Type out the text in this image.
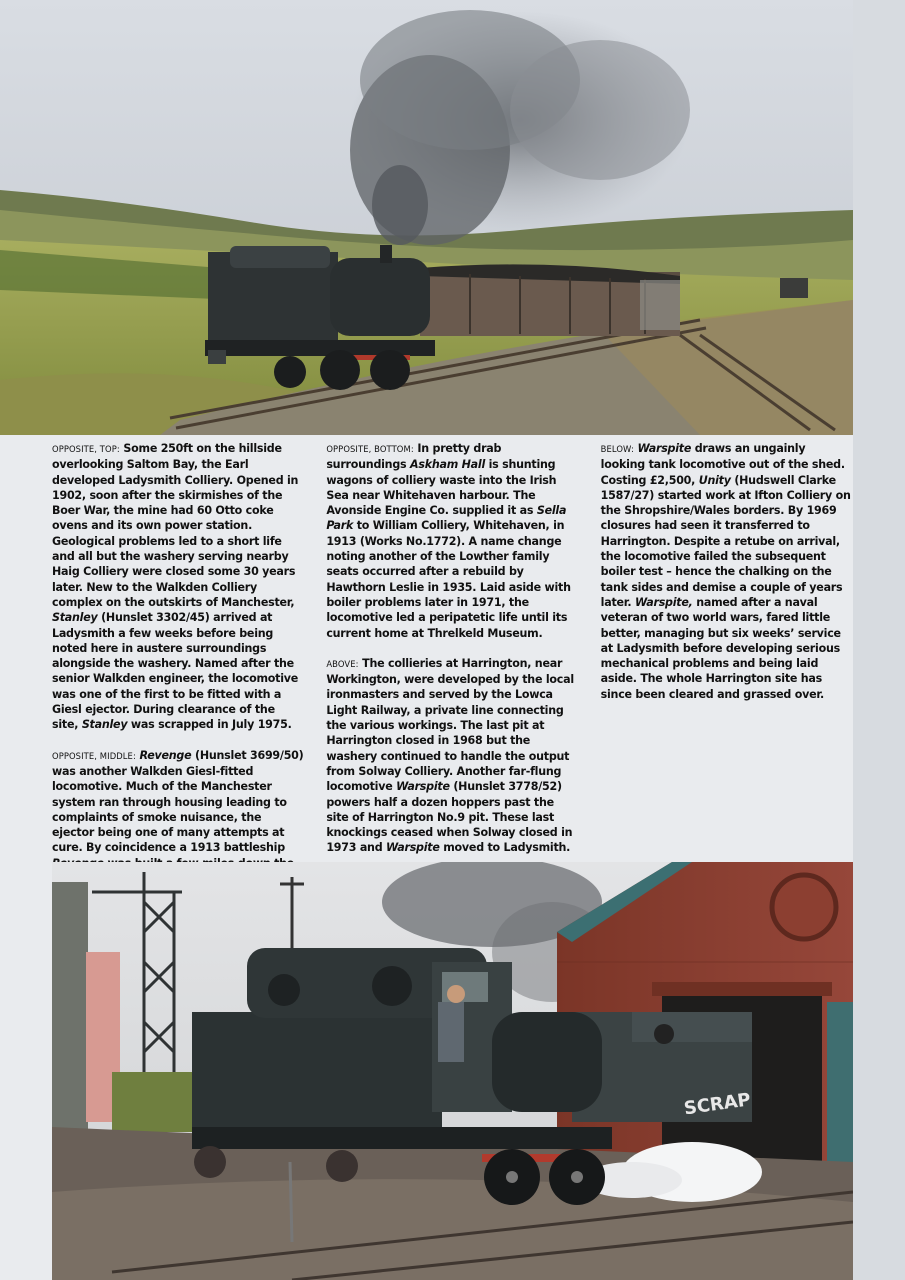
OPPOSITE, TOP: Some 250ft on the hillside overlooking Saltom Bay, the Earl developed Ladysmith Colliery. Opened in 1902, soon after the skirmishes of the Boer War, the mine had 60 Otto coke ovens and its own power station. Geological problems led to a short life and all but the washery serving nearby Haig Colliery were closed some 30 years later. New to the Walkden Colliery complex on the outskirts of Manchester, Stanley (Hunslet 3302/45) arrived at Ladysmith a few weeks before being noted here in austere surroundings alongside the washery. Named after the senior Walkden engineer, the locomotive was one of the first to be fitted with a Giesl ejector. During clearance of the site, Stanley was scrapped in July 1975.

OPPOSITE, MIDDLE: Revenge (Hunslet 3699/50) was another Walkden Giesl-fitted locomotive. Much of the Manchester system ran through housing leading to complaints of smoke nuisance, the ejector being one of many attempts at cure. By coincidence a 1913 battleship

OPPOSITE, BOTTOM: In pretty drab surroundings Askham Hall is shunting wagons of colliery waste into the Irish Sea near Whitehaven harbour. The Avonside Engine Co. supplied it as Sella Park to William Colliery, Whitehaven, in 1913 (Works No.1772). A name change noting another of the Lowther family seats occurred after a rebuild by Hawthorn Leslie in 1935. Laid aside with boiler problems later in 1971, the locomotive led a peripatetic life until its current home at Threlkeld Museum.

ABOVE: The collieries at Harrington, near Workington, were developed by the local ironmasters and served by the Lowca Light Railway, a private line connecting the various workings. The last pit at Harrington closed in 1968 but the washery continued to handle the output from Solway Colliery. Another far-flung locomotive Warspite (Hunslet 3778/52) powers half a dozen hoppers past the site of Harrington No.9 pit. These last knockings ceased when Solway closed in 1973 and Warspite moved to Ladysmith.

BELOW: Warspite draws an ungainly looking tank locomotive out of the shed. Costing £2,500, Unity (Hudswell Clarke 1587/27) started work at Ifton Colliery on the Shropshire/Wales borders. By 1969 closures had seen it transferred to Harrington. Despite a retube on arrival, the locomotive failed the subsequent boiler test – hence the chalking on the tank sides and demise a couple of years later. Warspite, named after a naval veteran of two world wars, fared little better, managing but six weeks’ service at Ladysmith before developing serious mechanical problems and being laid aside. The whole Harrington site has since been cleared and grassed over.

SCRAP
